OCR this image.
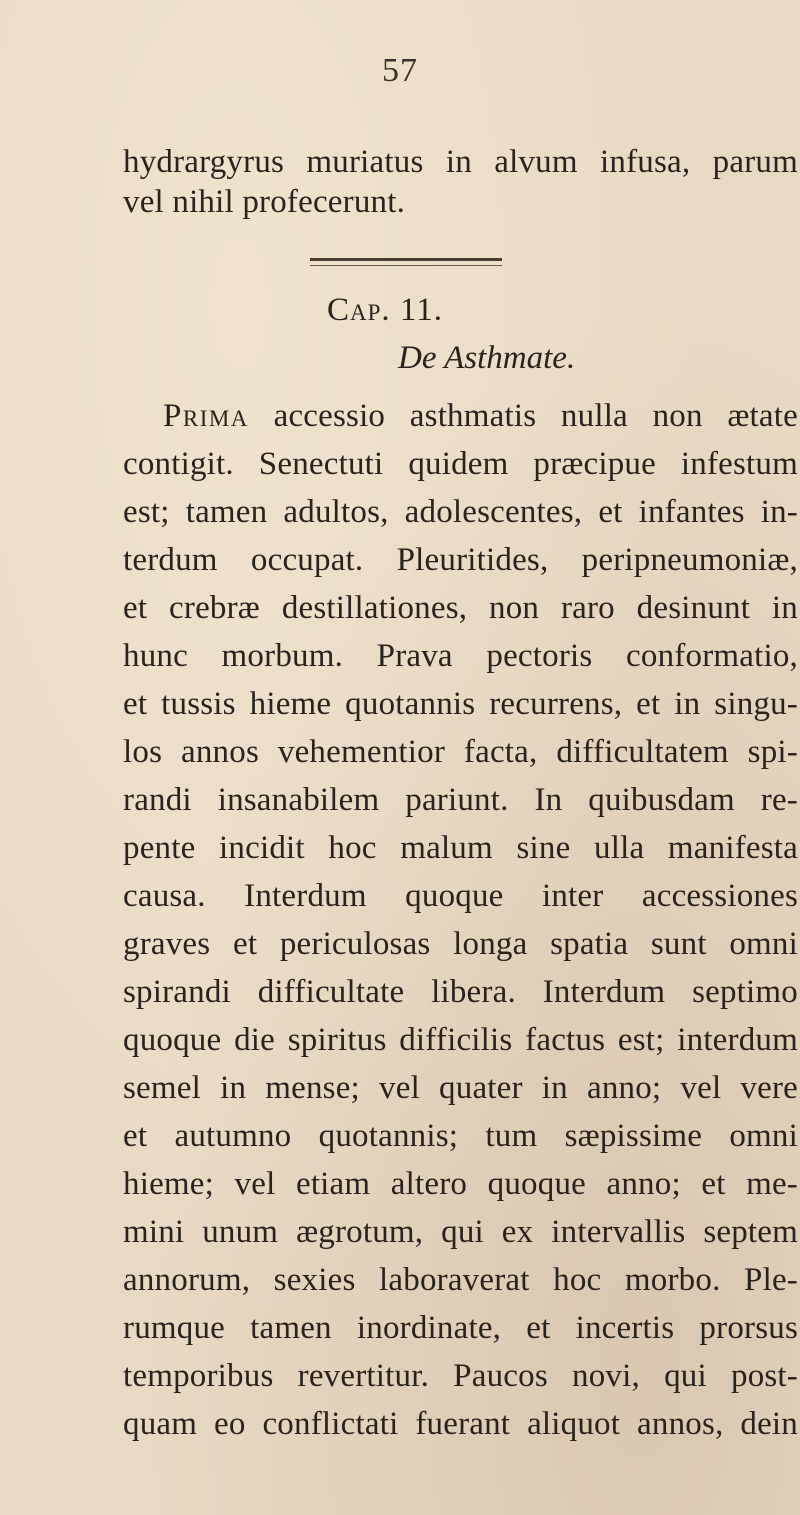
57
hydrargyrus muriatus in alvum infusa, parum
vel nihil profecerunt.
Cap. 11.
De Asthmate.
Prima accessio asthmatis nulla non ætate
contigit. Senectuti quidem præcipue infestum
est; tamen adultos, adolescentes, et infantes in-
terdum occupat. Pleuritides, peripneumoniæ,
et crebræ destillationes, non raro desinunt in
hunc morbum. Prava pectoris conformatio,
et tussis hieme quotannis recurrens, et in singu-
los annos vehementior facta, difficultatem spi-
randi insanabilem pariunt. In quibusdam re-
pente incidit hoc malum sine ulla manifesta
causa. Interdum quoque inter accessiones
graves et periculosas longa spatia sunt omni
spirandi difficultate libera. Interdum septimo
quoque die spiritus difficilis factus est; interdum
semel in mense; vel quater in anno; vel vere
et autumno quotannis; tum sæpissime omni
hieme; vel etiam altero quoque anno; et me-
mini unum ægrotum, qui ex intervallis septem
annorum, sexies laboraverat hoc morbo. Ple-
rumque tamen inordinate, et incertis prorsus
temporibus revertitur. Paucos novi, qui post-
quam eo conflictati fuerant aliquot annos, dein
